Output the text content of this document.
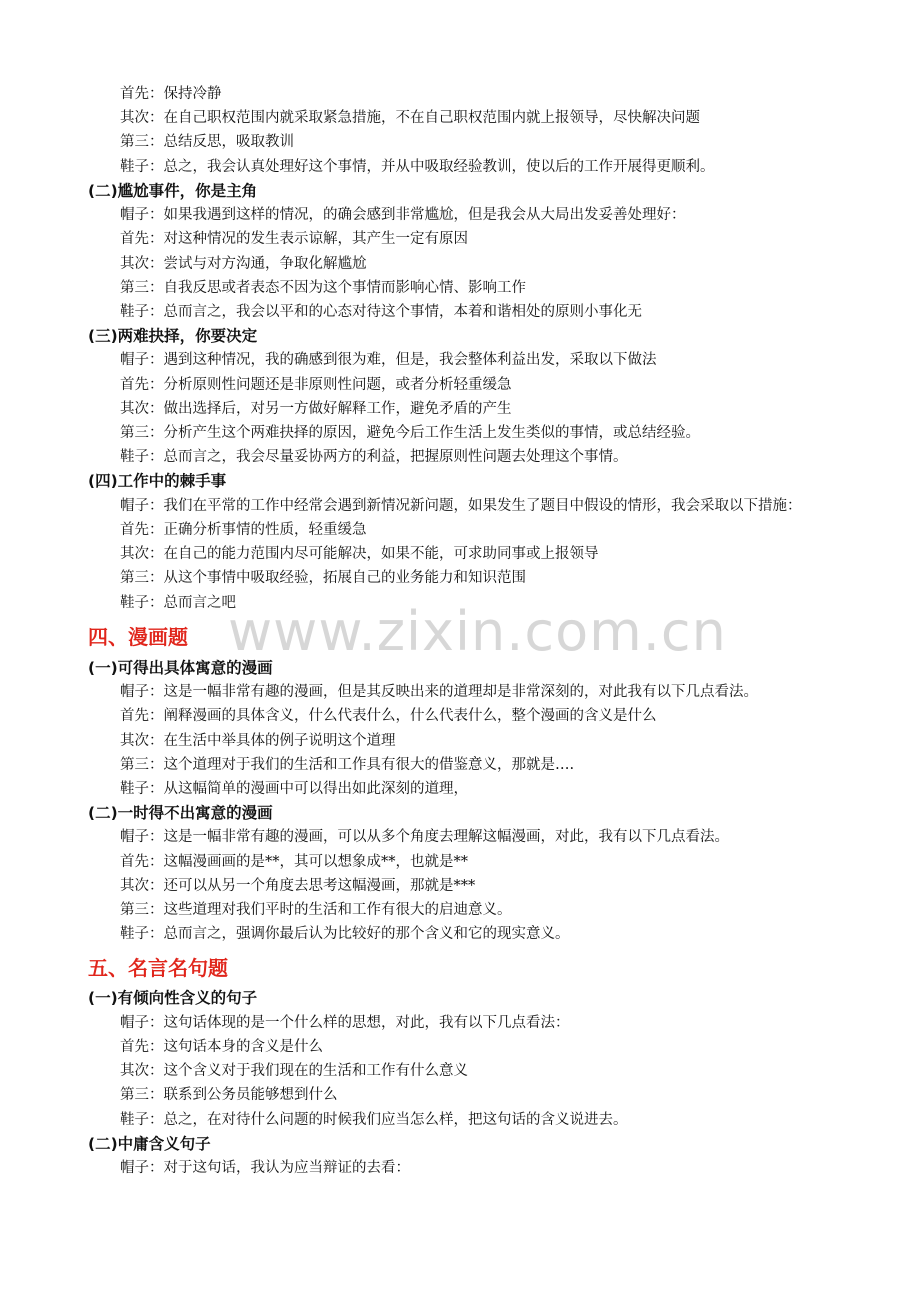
首先：保持冷静
其次：在自己职权范围内就采取紧急措施，不在自己职权范围内就上报领导，尽快解决问题
第三：总结反思，吸取教训
鞋子：总之，我会认真处理好这个事情，并从中吸取经验教训，使以后的工作开展得更顺利。
(二)尴尬事件，你是主角
帽子：如果我遇到这样的情况，的确会感到非常尴尬，但是我会从大局出发妥善处理好：
首先：对这种情况的发生表示谅解，其产生一定有原因
其次：尝试与对方沟通，争取化解尴尬
第三：自我反思或者表态不因为这个事情而影响心情、影响工作
鞋子：总而言之，我会以平和的心态对待这个事情，本着和谐相处的原则小事化无
(三)两难抉择，你要决定
帽子：遇到这种情况，我的确感到很为难，但是，我会整体利益出发，采取以下做法
首先：分析原则性问题还是非原则性问题，或者分析轻重缓急
其次：做出选择后，对另一方做好解释工作，避免矛盾的产生
第三：分析产生这个两难抉择的原因，避免今后工作生活上发生类似的事情，或总结经验。
鞋子：总而言之，我会尽量妥协两方的利益，把握原则性问题去处理这个事情。
(四)工作中的棘手事
帽子：我们在平常的工作中经常会遇到新情况新问题，如果发生了题目中假设的情形，我会采取以下措施：
首先：正确分析事情的性质，轻重缓急
其次：在自己的能力范围内尽可能解决，如果不能，可求助同事或上报领导
第三：从这个事情中吸取经验，拓展自己的业务能力和知识范围
鞋子：总而言之吧
四、漫画题
(一)可得出具体寓意的漫画
帽子：这是一幅非常有趣的漫画，但是其反映出来的道理却是非常深刻的，对此我有以下几点看法。
首先：阐释漫画的具体含义，什么代表什么，什么代表什么，整个漫画的含义是什么
其次：在生活中举具体的例子说明这个道理
第三：这个道理对于我们的生活和工作具有很大的借鉴意义，那就是….
鞋子：从这幅简单的漫画中可以得出如此深刻的道理，
(二)一时得不出寓意的漫画
帽子：这是一幅非常有趣的漫画，可以从多个角度去理解这幅漫画，对此，我有以下几点看法。
首先：这幅漫画画的是**，其可以想象成**，也就是**
其次：还可以从另一个角度去思考这幅漫画，那就是***
第三：这些道理对我们平时的生活和工作有很大的启迪意义。
鞋子：总而言之，强调你最后认为比较好的那个含义和它的现实意义。
五、名言名句题
(一)有倾向性含义的句子
帽子：这句话体现的是一个什么样的思想，对此，我有以下几点看法：
首先：这句话本身的含义是什么
其次：这个含义对于我们现在的生活和工作有什么意义
第三：联系到公务员能够想到什么
鞋子：总之，在对待什么问题的时候我们应当怎么样，把这句话的含义说进去。
(二)中庸含义句子
帽子：对于这句话，我认为应当辩证的去看：
www.zixin.com.cn
